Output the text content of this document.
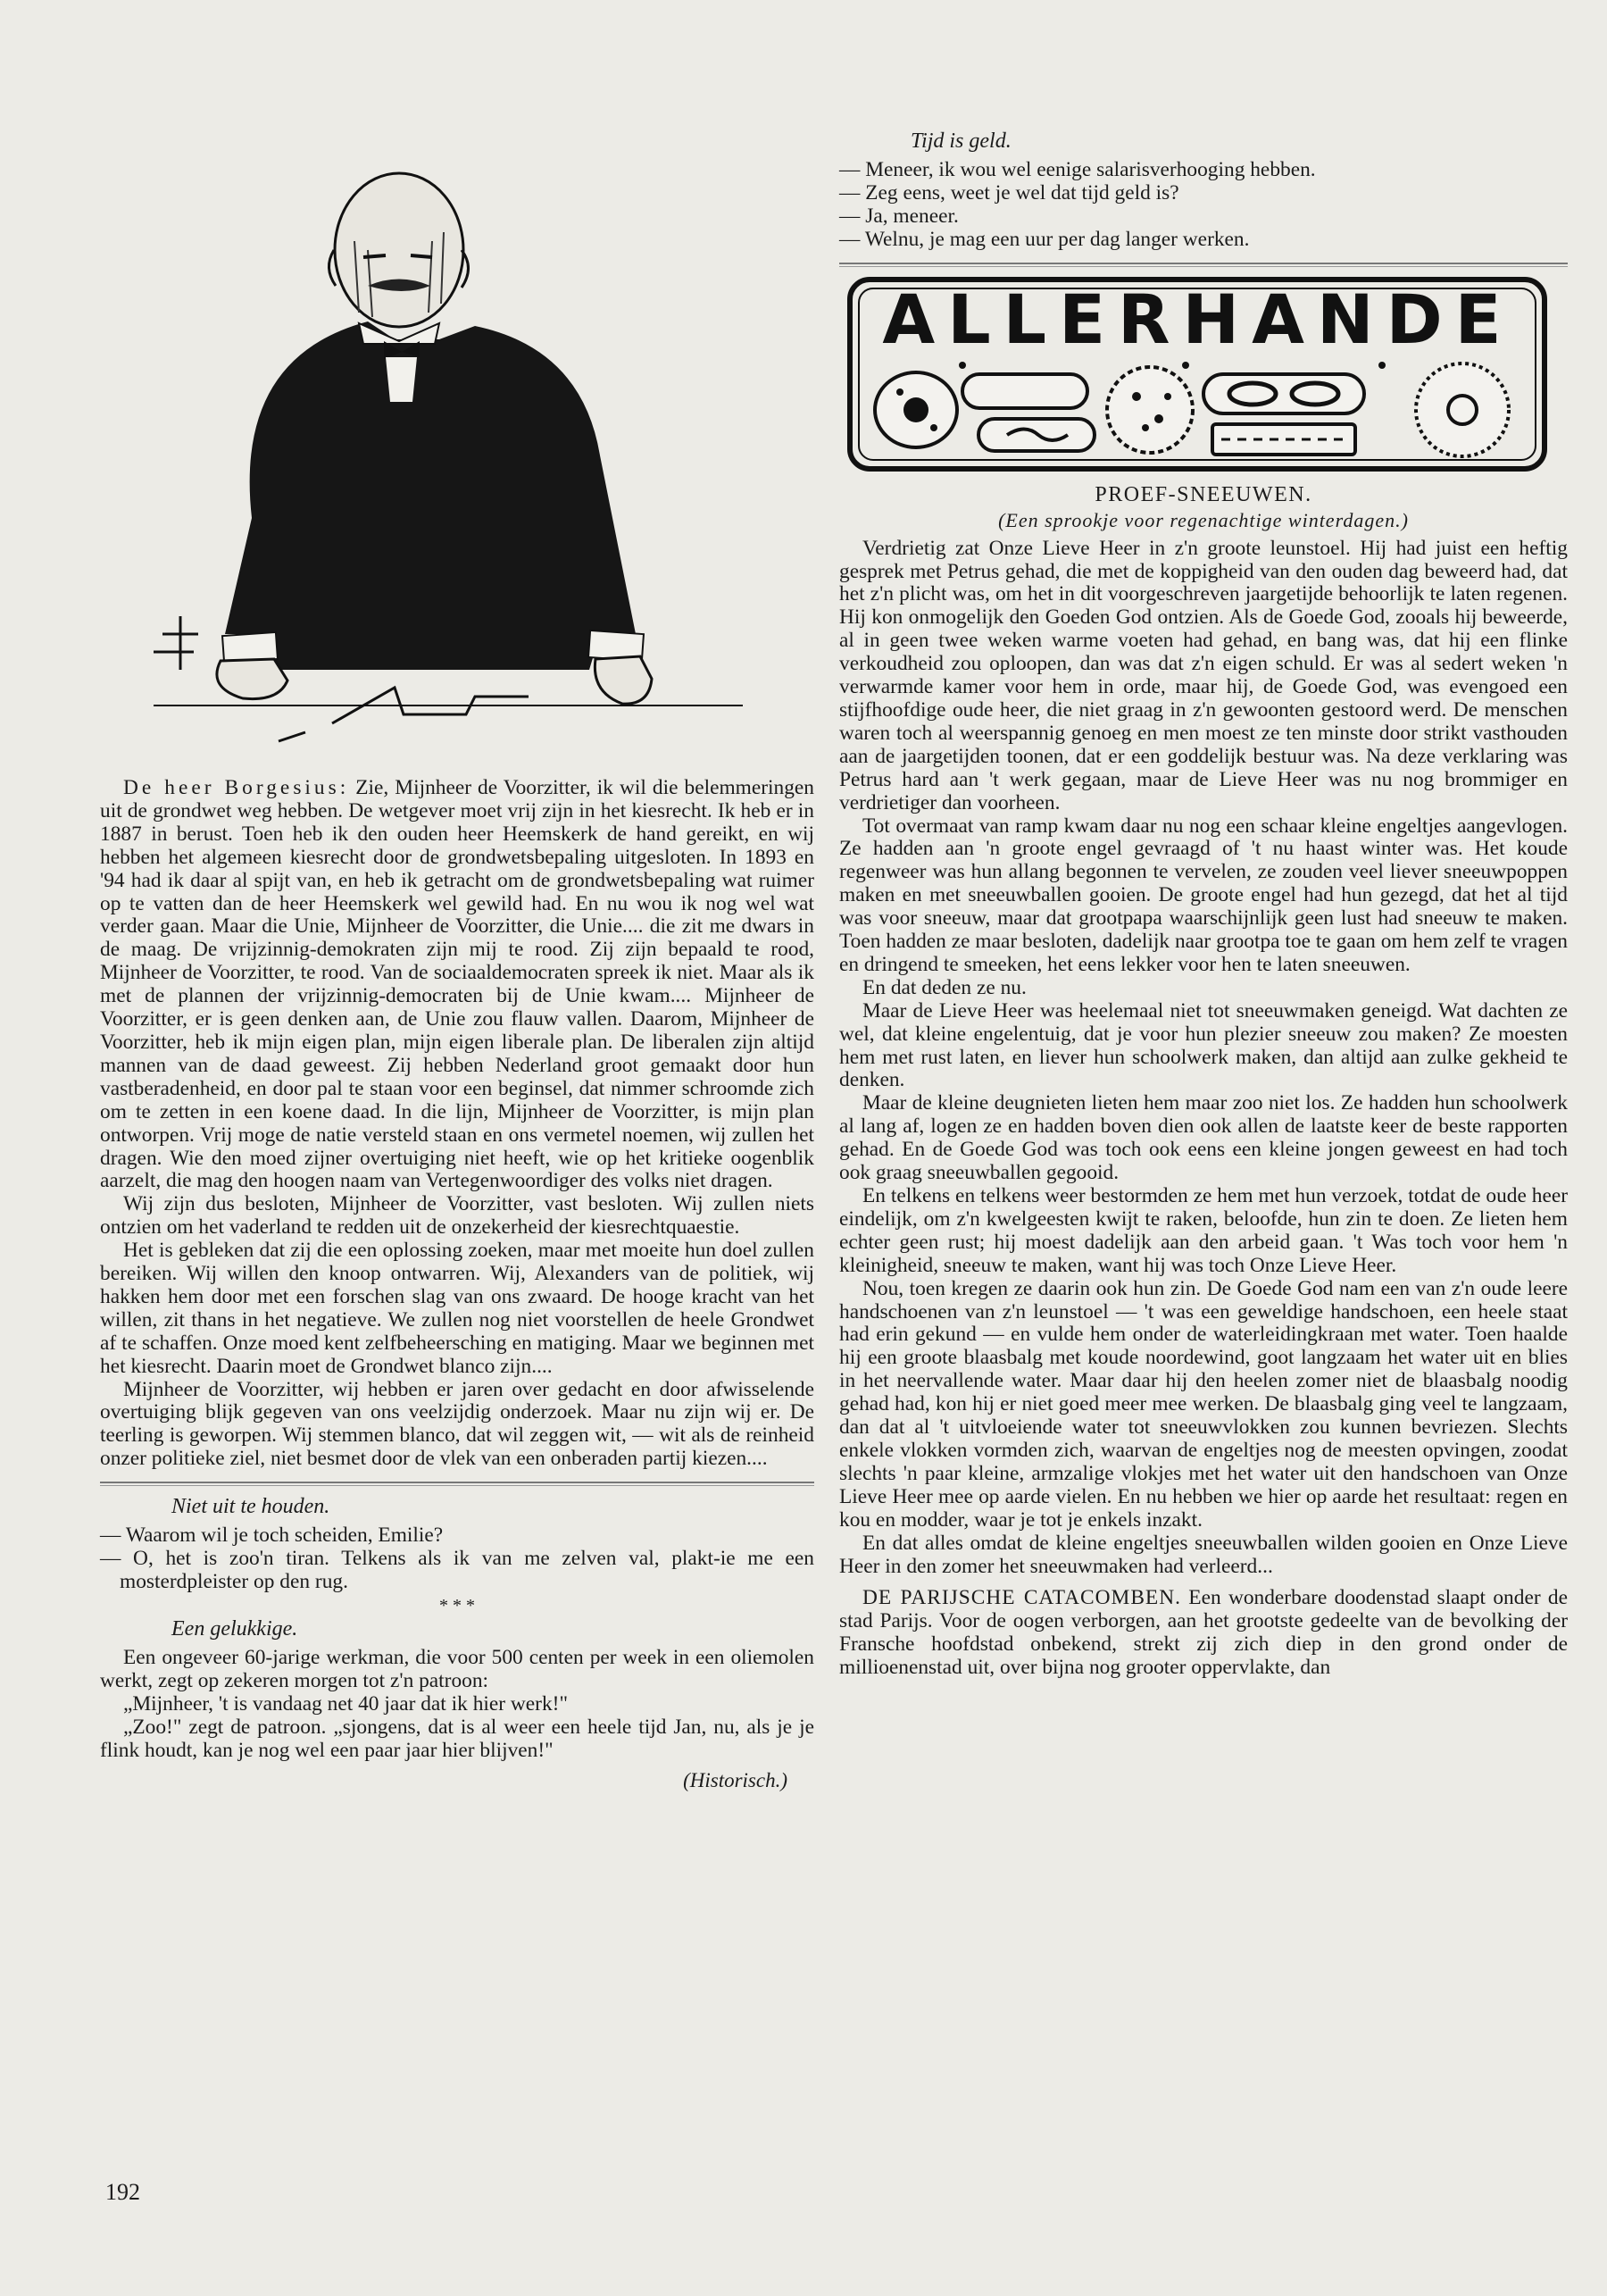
De heer Borgesius: Zie, Mijnheer de Voorzitter, ik wil die belemmeringen uit de grondwet weg hebben. De wetgever moet vrij zijn in het kiesrecht. Ik heb er in 1887 in berust. Toen heb ik den ouden heer Heemskerk de hand gereikt, en wij hebben het algemeen kiesrecht door de grondwetsbepaling uitgesloten. In 1893 en '94 had ik daar al spijt van, en heb ik getracht om de grondwetsbepaling wat ruimer op te vatten dan de heer Heemskerk wel gewild had. En nu wou ik nog wel wat verder gaan. Maar die Unie, Mijnheer de Voorzitter, die Unie.... die zit me dwars in de maag. De vrijzinnig-demokraten zijn mij te rood. Zij zijn bepaald te rood, Mijnheer de Voorzitter, te rood. Van de sociaaldemocraten spreek ik niet. Maar als ik met de plannen der vrijzinnig-democraten bij de Unie kwam.... Mijnheer de Voorzitter, er is geen denken aan, de Unie zou flauw vallen. Daarom, Mijnheer de Voorzitter, heb ik mijn eigen plan, mijn eigen liberale plan. De liberalen zijn altijd mannen van de daad geweest. Zij hebben Nederland groot gemaakt door hun vastberadenheid, en door pal te staan voor een beginsel, dat nimmer schroomde zich om te zetten in een koene daad. In die lijn, Mijnheer de Voorzitter, is mijn plan ontworpen. Vrij moge de natie versteld staan en ons vermetel noemen, wij zullen het dragen. Wie den moed zijner overtuiging niet heeft, wie op het kritieke oogenblik aarzelt, die mag den hoogen naam van Vertegenwoordiger des volks niet dragen.

Wij zijn dus besloten, Mijnheer de Voorzitter, vast besloten. Wij zullen niets ontzien om het vaderland te redden uit de onzekerheid der kiesrechtquaestie.

Het is gebleken dat zij die een oplossing zoeken, maar met moeite hun doel zullen bereiken. Wij willen den knoop ontwarren. Wij, Alexanders van de politiek, wij hakken hem door met een forschen slag van ons zwaard. De hooge kracht van het willen, zit thans in het negatieve. We zullen nog niet voorstellen de heele Grondwet af te schaffen. Onze moed kent zelfbeheersching en matiging. Maar we beginnen met het kiesrecht. Daarin moet de Grondwet blanco zijn....

Mijnheer de Voorzitter, wij hebben er jaren over gedacht en door afwisselende overtuiging blijk gegeven van ons veelzijdig onderzoek. Maar nu zijn wij er. De teerling is geworpen. Wij stemmen blanco, dat wil zeggen wit, — wit als de reinheid onzer politieke ziel, niet besmet door de vlek van een onberaden partij kiezen....

Niet uit te houden.

— Waarom wil je toch scheiden, Emilie?

— O, het is zoo'n tiran. Telkens als ik van me zelven val, plakt-ie me een mosterdpleister op den rug.

* * *

Een gelukkige.

Een ongeveer 60-jarige werkman, die voor 500 centen per week in een oliemolen werkt, zegt op zekeren morgen tot z'n patroon:

„Mijnheer, 't is vandaag net 40 jaar dat ik hier werk!"

„Zoo!" zegt de patroon. „sjongens, dat is al weer een heele tijd Jan, nu, als je je flink houdt, kan je nog wel een paar jaar hier blijven!"

(Historisch.)
192

Tijd is geld.

— Meneer, ik wou wel eenige salarisverhooging hebben.

— Zeg eens, weet je wel dat tijd geld is?

— Ja, meneer.

— Welnu, je mag een uur per dag langer werken.

ALLERHANDE

PROEF-SNEEUWEN.

(Een sprookje voor regenachtige winterdagen.)

Verdrietig zat Onze Lieve Heer in z'n groote leunstoel. Hij had juist een heftig gesprek met Petrus gehad, die met de koppigheid van den ouden dag beweerd had, dat het z'n plicht was, om het in dit voorgeschreven jaargetijde behoorlijk te laten regenen. Hij kon onmogelijk den Goeden God ontzien. Als de Goede God, zooals hij beweerde, al in geen twee weken warme voeten had gehad, en bang was, dat hij een flinke verkoudheid zou oploopen, dan was dat z'n eigen schuld. Er was al sedert weken 'n verwarmde kamer voor hem in orde, maar hij, de Goede God, was evengoed een stijfhoofdige oude heer, die niet graag in z'n gewoonten gestoord werd. De menschen waren toch al weerspannig genoeg en men moest ze ten minste door strikt vasthouden aan de jaargetijden toonen, dat er een goddelijk bestuur was. Na deze verklaring was Petrus hard aan 't werk gegaan, maar de Lieve Heer was nu nog brommiger en verdrietiger dan voorheen.

Tot overmaat van ramp kwam daar nu nog een schaar kleine engeltjes aangevlogen. Ze hadden aan 'n groote engel gevraagd of 't nu haast winter was. Het koude regenweer was hun allang begonnen te vervelen, ze zouden veel liever sneeuwpoppen maken en met sneeuwballen gooien. De groote engel had hun gezegd, dat het al tijd was voor sneeuw, maar dat grootpapa waarschijnlijk geen lust had sneeuw te maken. Toen hadden ze maar besloten, dadelijk naar grootpa toe te gaan om hem zelf te vragen en dringend te smeeken, het eens lekker voor hen te laten sneeuwen.

En dat deden ze nu.

Maar de Lieve Heer was heelemaal niet tot sneeuwmaken geneigd. Wat dachten ze wel, dat kleine engelentuig, dat je voor hun plezier sneeuw zou maken? Ze moesten hem met rust laten, en liever hun schoolwerk maken, dan altijd aan zulke gekheid te denken.

Maar de kleine deugnieten lieten hem maar zoo niet los. Ze hadden hun schoolwerk al lang af, logen ze en hadden boven dien ook allen de laatste keer de beste rapporten gehad. En de Goede God was toch ook eens een kleine jongen geweest en had toch ook graag sneeuwballen gegooid.

En telkens en telkens weer bestormden ze hem met hun verzoek, totdat de oude heer eindelijk, om z'n kwelgeesten kwijt te raken, beloofde, hun zin te doen. Ze lieten hem echter geen rust; hij moest dadelijk aan den arbeid gaan. 't Was toch voor hem 'n kleinigheid, sneeuw te maken, want hij was toch Onze Lieve Heer.

Nou, toen kregen ze daarin ook hun zin. De Goede God nam een van z'n oude leere handschoenen van z'n leunstoel — 't was een geweldige handschoen, een heele staat had erin gekund — en vulde hem onder de waterleidingkraan met water. Toen haalde hij een groote blaasbalg met koude noordewind, goot langzaam het water uit en blies in het neervallende water. Maar daar hij den heelen zomer niet de blaasbalg noodig gehad had, kon hij er niet goed meer mee werken. De blaasbalg ging veel te langzaam, dan dat al 't uitvloeiende water tot sneeuwvlokken zou kunnen bevriezen. Slechts enkele vlokken vormden zich, waarvan de engeltjes nog de meesten opvingen, zoodat slechts 'n paar kleine, armzalige vlokjes met het water uit den handschoen van Onze Lieve Heer mee op aarde vielen. En nu hebben we hier op aarde het resultaat: regen en kou en modder, waar je tot je enkels inzakt.

En dat alles omdat de kleine engeltjes sneeuwballen wilden gooien en Onze Lieve Heer in den zomer het sneeuwmaken had verleerd...

DE PARIJSCHE CATACOMBEN. Een wonderbare doodenstad slaapt onder de stad Parijs. Voor de oogen verborgen, aan het grootste gedeelte van de bevolking der Fransche hoofdstad onbekend, strekt zij zich diep in den grond onder de millioenenstad uit, over bijna nog grooter oppervlakte, dan
